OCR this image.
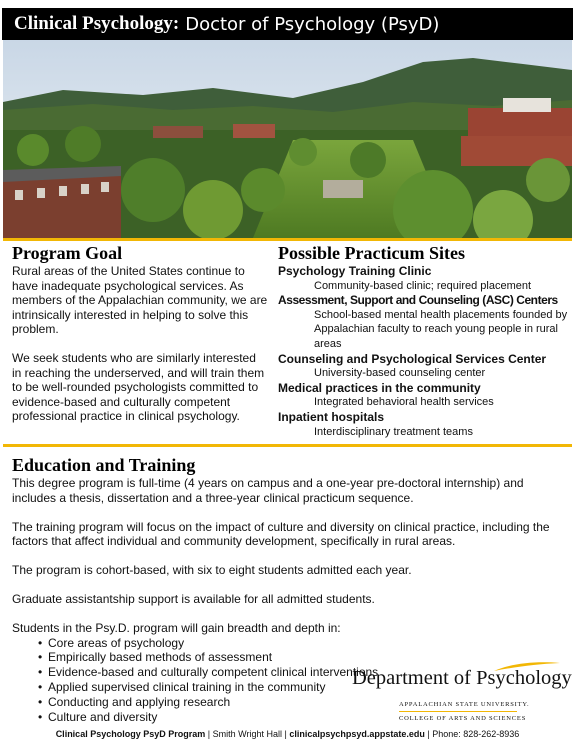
Clinical Psychology: Doctor of Psychology (PsyD)
Program Goal

Rural areas of the United States continue to have inadequate psychological services. As members of the Appalachian community, we are intrinsically interested in helping to solve this problem.

We seek students who are similarly interested in reaching the underserved, and will train them to be well-rounded psychologists committed to evidence-based and culturally competent professional practice in clinical psychology.

Possible Practicum Sites

Psychology Training Clinic

Community-based clinic; required placement

Assessment, Support and Counseling (ASC) Centers

School-based mental health placements founded by Appalachian faculty to reach young people in rural areas

Counseling and Psychological Services Center

University-based counseling center

Medical practices in the community

Integrated behavioral health services

Inpatient hospitals

Interdisciplinary treatment teams

Education and Training

This degree program is full-time (4 years on campus and a one-year pre-doctoral internship) and includes a thesis, dissertation and a three-year clinical practicum sequence.

The training program will focus on the impact of culture and diversity on clinical practice, including the factors that affect individual and community development, specifically in rural areas.

The program is cohort-based, with six to eight students admitted each year.

Graduate assistantship support is available for all admitted students.

Students in the Psy.D. program will gain breadth and depth in:

• Core areas of psychology
• Empirically based methods of assessment
• Evidence-based and culturally competent clinical interventions
• Applied supervised clinical training in the community
• Conducting and applying research
• Culture and diversity
Department of Psychology
APPALACHIAN STATE UNIVERSITY.
COLLEGE OF ARTS AND SCIENCES
Clinical Psychology PsyD Program | Smith Wright Hall | clinicalpsychpsyd.appstate.edu | Phone: 828-262-8936
